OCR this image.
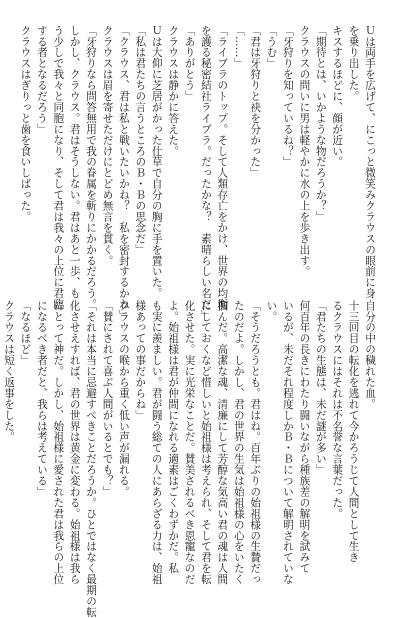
Ｕは両手を広げて、にこっと微笑みクラウスの眼前に身
を乗り出した。
キスするほどに、顔が近い。
「期待とは、いかような物だろうか？」
クラウスの問いに男は軽やかに水の上を歩き出す。
「牙狩りを知っているね？」
「うむ」
「君は牙狩りと袂を分かった」
「……」
「ライブラのトップ。そして人類存亡をかけ、世界の均衡
を護る秘密結社ライブラ。だったかな？　素晴らしい名だ」
「ありがとう」
クラウスは静かに答えた。
Ｕは大仰に芝居がかった仕草で自分の胸に手を置いた。
「私は君たちの言うところのＢ・Ｂの思念だ」
「クラウス、君は私と戦いたいかね？　私を密封するかね」
クラウスは眉を寄せただけにとどめ無言を貫く。
「牙狩りなら問答無用で我の眷属を斬りにかかるだろう。
しかし、クラウス。君はそうしない。君はあと一歩、も
う少しで我々と同胞になり、そして君は我々の上位に君臨
する者となるだろう」
クラウスはぎりっと歯を食いしばった。
自分の中の穢れた血。
十三回目の転化を逃れて今かろうじて人間として生き
るクラウスにはそれは不名誉な言葉だった。
「君たちの生態は、未だ謎が多い」
何百年の長きにわたり闘いながら種族差の解明を試みて
いるが、未だそれ程度しかＢ・Ｂについて解明されていな
い。
「そうだろうとも。君はね。百年ぶりの始祖様の生贄だっ
たのだよ。しかし、君の世界の生気は始祖様の心をいたく
掴んだ。高潔な魂、清廉にして芳醇な気高い君の魂は人間
にしておくなど惜しいと始祖様は考えられ、そして君を転
化させた。実に光栄なことだ。賛美されるべき恩寵なのだ
よ。始祖様は君が仲間になれる適素はごくわずかだ。私
も実に羨ましい。君が闘う総ての人にあらざる力は、始祖
様あっての事だからね」
クラウスの喉から重く低い声が漏れる。
「賛にされて喜ぶ人間がいるとでも？」
「それは本当に忌避すべきことだろうか。ひとではなく最期の転
化させえすれば、君の世界は黄金に変わる。始祖様は我ら
にとって神だ。しかし、始祖様に愛された君は我らの上位
になるべき者だと、我らは考えている」
「なるほど」
クラウスは短く返事をした。
